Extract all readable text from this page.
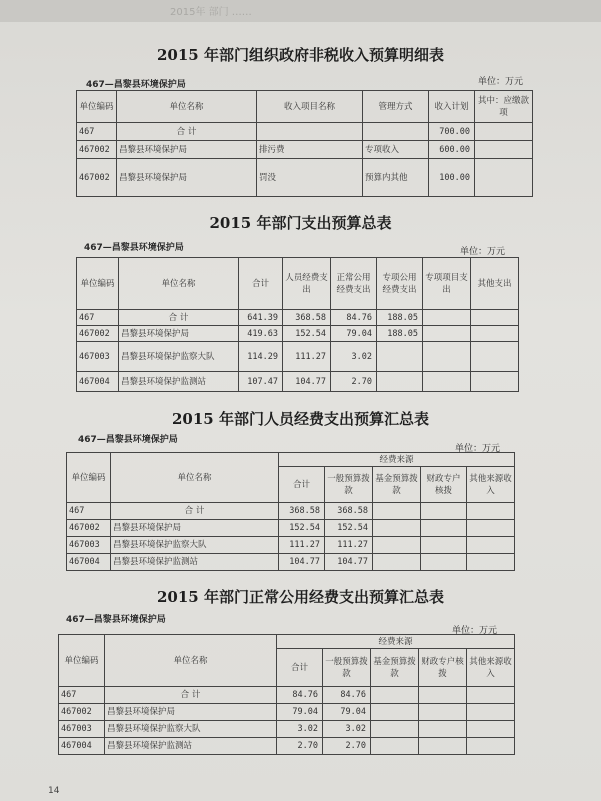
2015年 部门 ……
2015 年部门组织政府非税收入预算明细表
467—昌黎县环境保护局	单位：万元
单位编码	单位名称	收入项目名称	管理方式	收入计划	其中：应缴款项
467	合 计			700.00	
467002	昌黎县环境保护局	排污费	专项收入	600.00	
467002	昌黎县环境保护局	罚没	预算内其他	100.00	
2015 年部门支出预算总表
467—昌黎县环境保护局	单位：万元
单位编码	单位名称	合计	人员经费支出	正常公用经费支出	专项公用经费支出	专项项目支出	其他支出
467	合 计	641.39	368.58	84.76	188.05		
467002	昌黎县环境保护局	419.63	152.54	79.04	188.05		
467003	昌黎县环境保护监察大队	114.29	111.27	3.02			
467004	昌黎县环境保护监测站	107.47	104.77	2.70			
2015 年部门人员经费支出预算汇总表
467—昌黎县环境保护局
单位：万元
单位编码	单位名称	经费来源				
		合计	一般预算拨款	基金预算拨款	财政专户核拨	其他来源收入
467	合 计	368.58	368.58			
467002	昌黎县环境保护局	152.54	152.54			
467003	昌黎县环境保护监察大队	111.27	111.27			
467004	昌黎县环境保护监测站	104.77	104.77			
2015 年部门正常公用经费支出预算汇总表
467—昌黎县环境保护局
单位：万元
单位编码	单位名称	经费来源				
		合计	一般预算拨款	基金预算拨款	财政专户核拨	其他来源收入
467	合 计	84.76	84.76			
467002	昌黎县环境保护局	79.04	79.04			
467003	昌黎县环境保护监察大队	3.02	3.02			
467004	昌黎县环境保护监测站	2.70	2.70			
14
